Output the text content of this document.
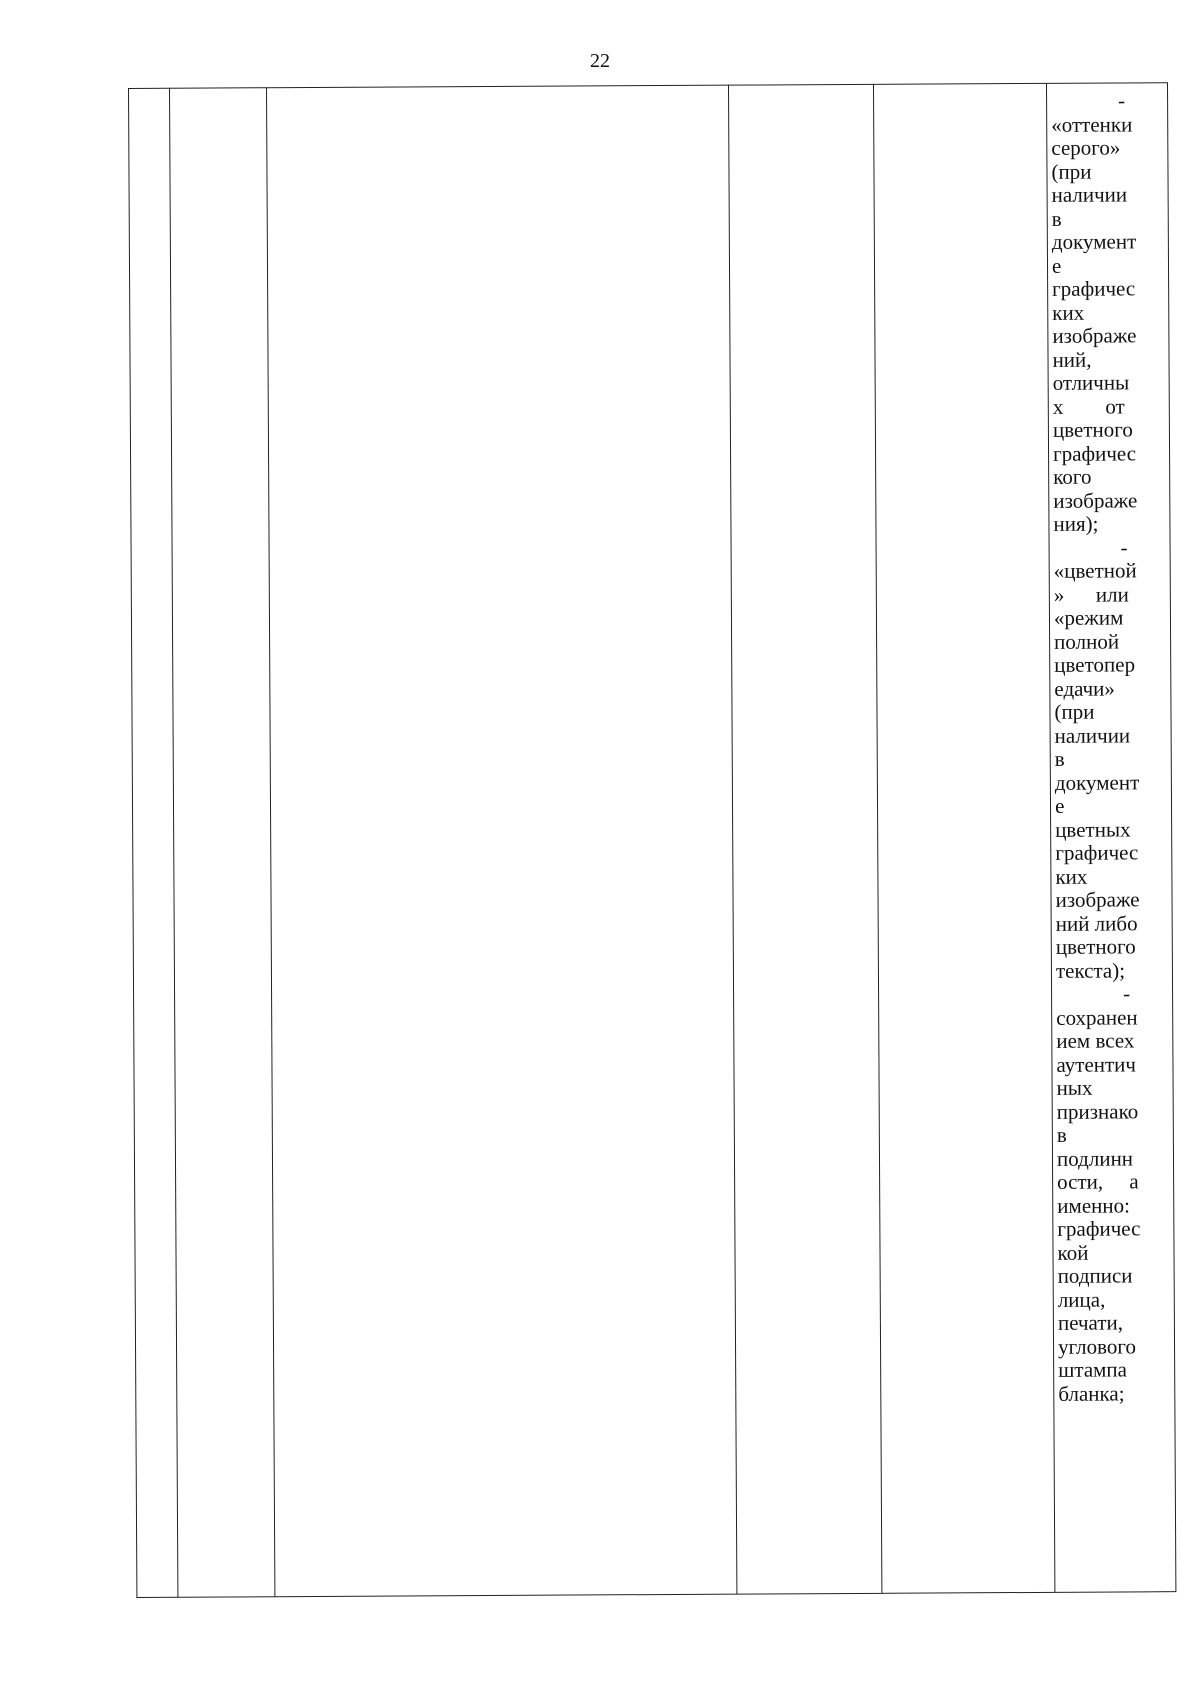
22
-
«оттенки
серого»
(при
наличии
в
документ
е
графичес
ких
изображе
ний,
отличны
х        от
цветного
графичес
кого
изображе
ния);
-
«цветной
»      или
«режим
полной
цветопер
едачи»
(при
наличии
в
документ
е
цветных
графичес
ких
изображе
ний либо
цветного
текста);
-
сохранен
ием всех
аутентич
ных
признако
в
подлинн
ости,     а
именно:
графичес
кой
подписи
лица,
печати,
углового
штампа
бланка;
